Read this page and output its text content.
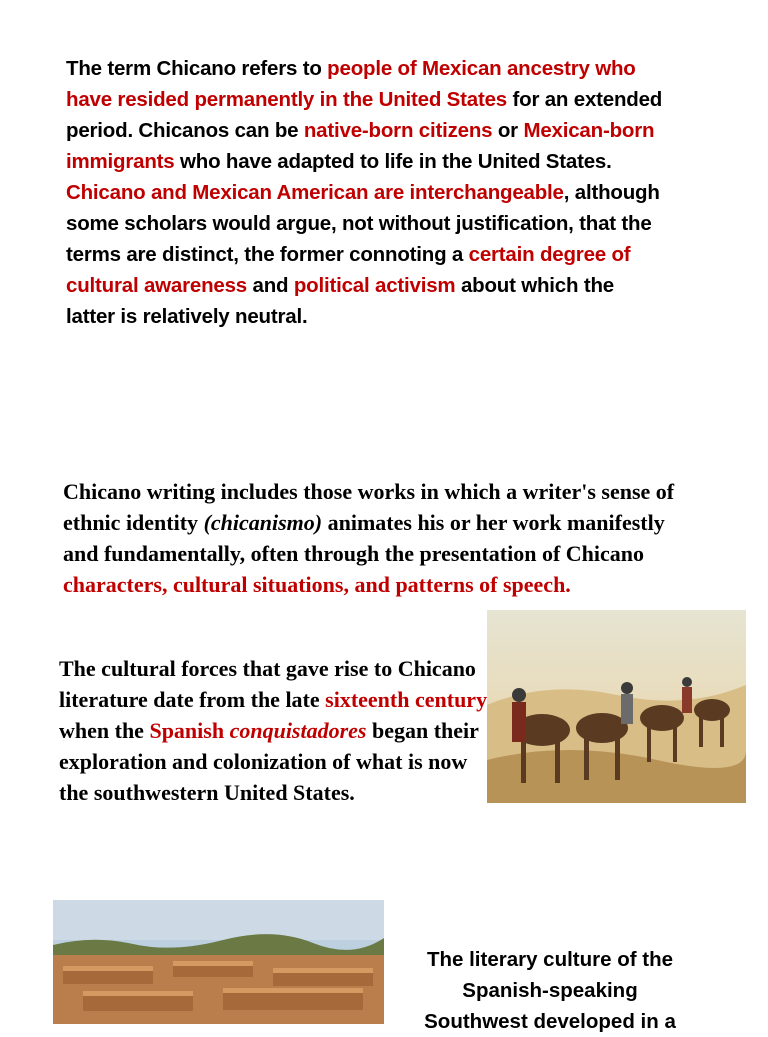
The term Chicano refers to people of Mexican ancestry who have resided permanently in the United States for an extended period. Chicanos can be native-born citizens or Mexican-born immigrants who have adapted to life in the United States. Chicano and Mexican American are interchangeable, although some scholars would argue, not without justification, that the terms are distinct, the former connoting a certain degree of cultural awareness and political activism about which the latter is relatively neutral.
Chicano writing includes those works in which a writer's sense of ethnic identity (chicanismo) animates his or her work manifestly and fundamentally, often through the presentation of Chicano characters, cultural situations, and patterns of speech.
The cultural forces that gave rise to Chicano literature date from the late sixteenth century when the Spanish conquistadores began their exploration and colonization of what is now the southwestern United States.
The literary culture of the
Spanish-speaking
Southwest developed in a
